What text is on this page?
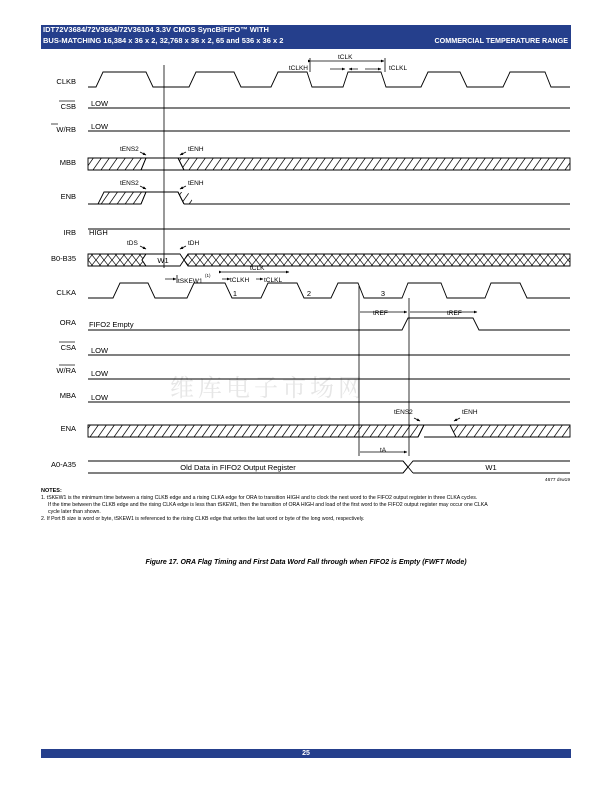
IDT72V3684/72V3694/72V36104 3.3V CMOS SyncBiFIFO™ WITH
BUS-MATCHING 16,384 x 36 x 2, 32,768 x 36 x 2, 65 and 536 x 36 x 2	COMMERCIAL TEMPERATURE RANGE
维库电子市场网
CLKB
CSB
W/RB
MBB
ENB
IRB
B0-B35
CLKA
ORA
CSA
W/RA
MBA
ENA
A0-A35
LOW
LOW
HIGH
FIFO2 Empty
LOW
LOW
LOW
W1
1	2	3
Old Data in FIFO2 Output Register	W1
tCLK
tCLKH	tCLKL
tENS2	tENH
tENS2	tENH
tDS	tDH
tCLK
tSKEW1
(1)
tCLKH tCLKL
tREF	tREF
tENS2	tENH
tA
4677 drw19

NOTES:

1. tSKEW1 is the minimum time between a rising CLKB edge and a rising CLKA edge for ORA to transition HIGH and to clock the next word to the FIFO2 output register in three CLKA cycles.

If the time between the CLKB edge and the rising CLKA edge is less than tSKEW1, then the transition of ORA HIGH and load of the first word to the FIFO2 output register may occur one CLKA

cycle later than shown.

2. If Port B size is word or byte, tSKEW1 is referenced to the rising CLKB edge that writes the last word or byte of the long word, respectively.

Figure 17. ORA Flag Timing and First Data Word Fall through when FIFO2 is Empty (FWFT Mode)
25
